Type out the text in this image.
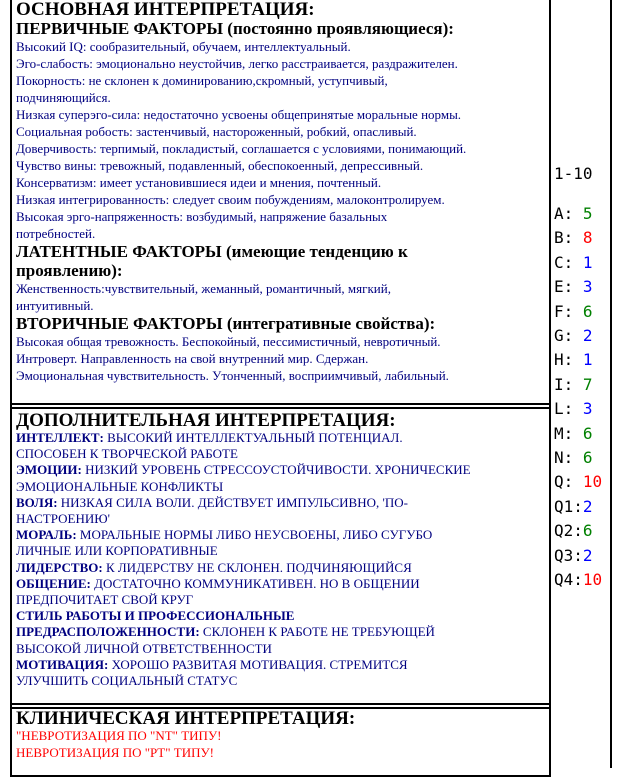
ОСНОВНАЯ ИНТЕРПРЕТАЦИЯ:

ПЕРВИЧНЫЕ ФАКТОРЫ (постоянно проявляющиеся):

Высокий IQ: сообразительный, обучаем, интеллектуальный.

Эго-слабость: эмоционально неустойчив, легко расстраивается, раздражителен.

Покорность: не склонен к доминированию,скромный, уступчивый,

подчиняющийся.

Низкая суперэго-сила: недостаточно усвоены общепринятые моральные нормы.

Социальная робость: застенчивый, настороженный, робкий, опасливый.

Доверчивость: терпимый, покладистый, соглашается с условиями, понимающий.

Чувство вины: тревожный, подавленный, обеспокоенный, депрессивный.

Консерватизм: имеет установившиеся идеи и мнения, почтенный.

Низкая интегрированность: следует своим побуждениям, малоконтролируем.

Высокая эрго-напряженность: возбудимый, напряжение базальных

потребностей.

ЛАТЕНТНЫЕ ФАКТОРЫ (имеющие тенденцию к
проявлению):

Женственность:чувствительный, жеманный, романтичный, мягкий,

интуитивный.

ВТОРИЧНЫЕ ФАКТОРЫ (интегративные свойства):

Высокая общая тревожность. Беспокойный, пессимистичный, невротичный.

Интроверт. Направленность на свой внутренний мир. Сдержан.

Эмоциональная чувствительность. Утонченный, восприимчивый, лабильный.

ДОПОЛНИТЕЛЬНАЯ ИНТЕРПРЕТАЦИЯ:

ИНТЕЛЛЕКТ: ВЫСОКИЙ ИНТЕЛЛЕКТУАЛЬНЫЙ ПОТЕНЦИАЛ.
СПОСОБЕН К ТВОРЧЕСКОЙ РАБОТЕ

ЭМОЦИИ: НИЗКИЙ УРОВЕНЬ СТРЕССОУСТОЙЧИВОСТИ. ХРОНИЧЕСКИЕ
ЭМОЦИОНАЛЬНЫЕ КОНФЛИКТЫ

ВОЛЯ: НИЗКАЯ СИЛА ВОЛИ. ДЕЙСТВУЕТ ИМПУЛЬСИВНО, 'ПО-
НАСТРОЕНИЮ'

МОРАЛЬ: МОРАЛЬНЫЕ НОРМЫ ЛИБО НЕУСВОЕНЫ, ЛИБО СУГУБО
ЛИЧНЫЕ ИЛИ КОРПОРАТИВНЫЕ

ЛИДЕРСТВО: К ЛИДЕРСТВУ НЕ СКЛОНЕН. ПОДЧИНЯЮЩИЙСЯ

ОБЩЕНИЕ: ДОСТАТОЧНО КОММУНИКАТИВЕН. НО В ОБЩЕНИИ
ПРЕДПОЧИТАЕТ СВОЙ КРУГ

СТИЛЬ РАБОТЫ И ПРОФЕССИОНАЛЬНЫЕ
ПРЕДРАСПОЛОЖЕННОСТИ: СКЛОНЕН К РАБОТЕ НЕ ТРЕБУЮЩЕЙ
ВЫСОКОЙ ЛИЧНОЙ ОТВЕТСТВЕННОСТИ

МОТИВАЦИЯ: ХОРОШО РАЗВИТАЯ МОТИВАЦИЯ. СТРЕМИТСЯ
УЛУЧШИТЬ СОЦИАЛЬНЫЙ СТАТУС

КЛИНИЧЕСКАЯ ИНТЕРПРЕТАЦИЯ:

"НЕВРОТИЗАЦИЯ ПО "NT" ТИПУ!

НЕВРОТИЗАЦИЯ ПО "PT" ТИПУ!

1-10
A: 5
B: 8
C: 1
E: 3
F: 6
G: 2
H: 1
I: 7
L: 3
M: 6
N: 6
Q: 10
Q1:2
Q2:6
Q3:2
Q4:10
